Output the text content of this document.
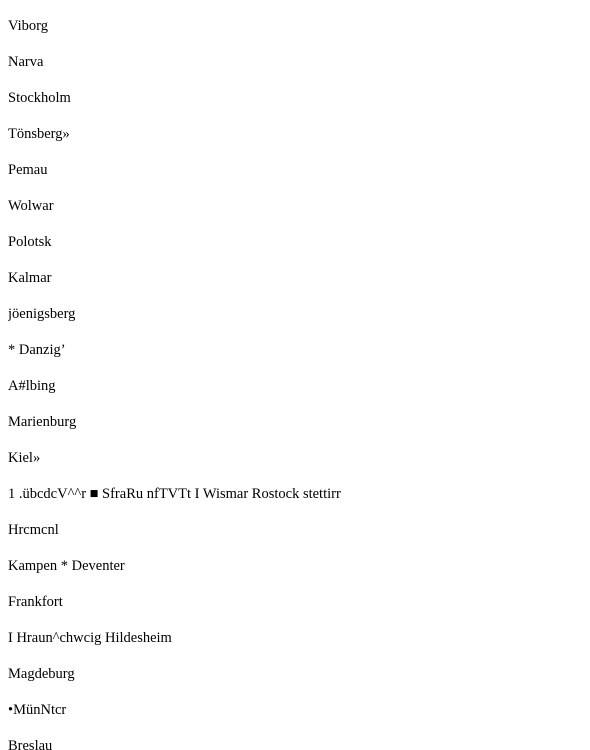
Viborg

Narva

Stockholm

Tönsberg»

Pemau

Wolwar

Polotsk

Kalmar

jöenigsberg

* Danzig’

A#lbing

Marienburg

Kiel»

1 .übcdcV^^r ■ SfraRu nfTVTt I Wismar Rostock stettirr

Hrcmcnl

Kampen * Deventer

Frankfort

I Hraun^chwcig Hildesheim

Magdeburg

•MünNtcr

Breslau
